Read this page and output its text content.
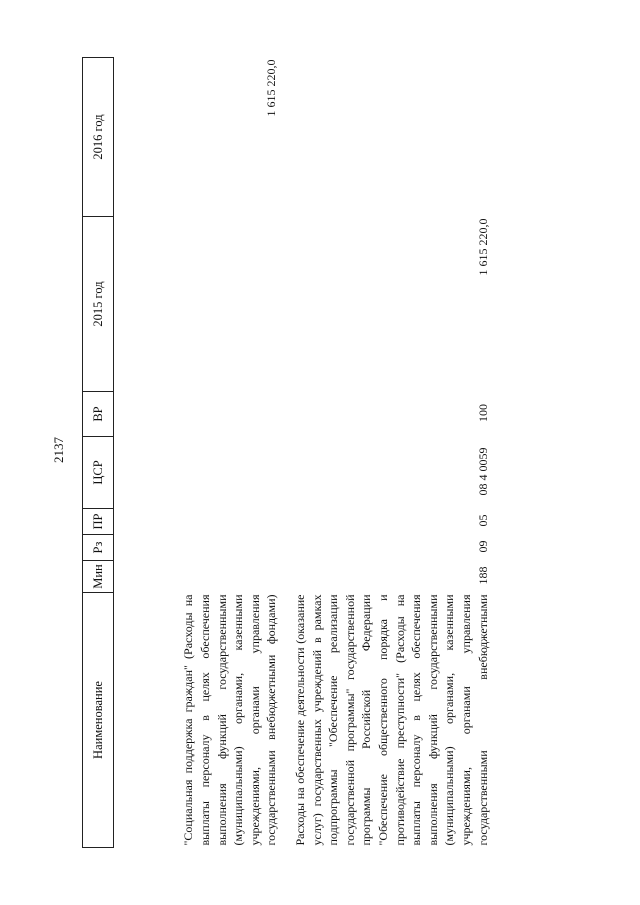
2137
Наименование	Мин	Рз	ПР	ЦСР	ВР	2015 год	2016 год
"Социальная поддержка граждан" (Расходы на выплаты персоналу в целях обеспечения выполнения функций государственными (муниципальными) органами, казенными учреждениями, органами управления государственными внебюджетными фондами)							1 615 220,0
Расходы на обеспечение деятельности (оказание услуг) государственных учреждений в рамках подпрограммы "Обеспечение реализации государственной программы" государственной программы Российской Федерации "Обеспечение общественного порядка и противодействие преступности" (Расходы на выплаты персоналу в целях обеспечения выполнения функций государственными (муниципальными) органами, казенными учреждениями, органами управления государственными внебюджетными	188	09	05	08 4 0059	100	1 615 220,0	
